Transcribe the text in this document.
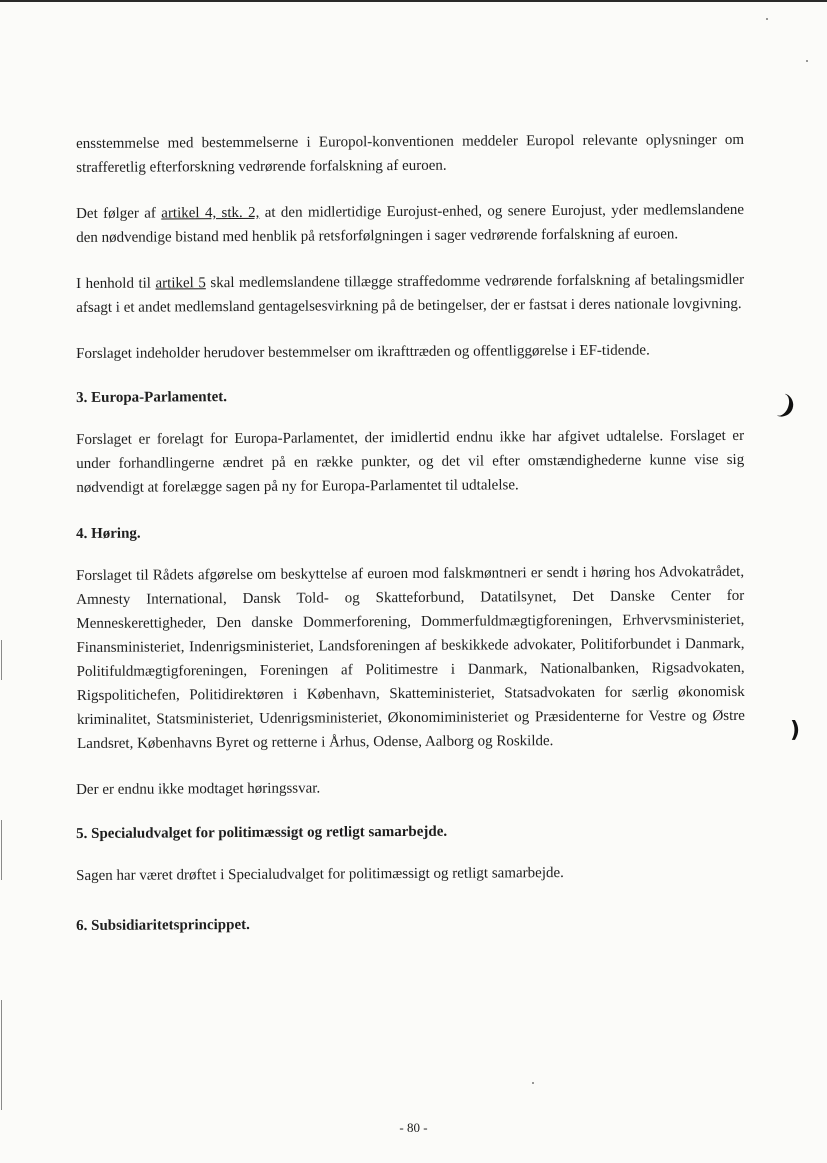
❩
)

ensstemmelse med bestemmelserne i Europol-konventionen meddeler Europol relevante oplysninger om strafferetlig efterforskning vedrørende forfalskning af euroen.

Det følger af artikel 4, stk. 2, at den midlertidige Eurojust-enhed, og senere Eurojust, yder medlemslandene den nødvendige bistand med henblik på retsforfølgningen i sager vedrørende forfalskning af euroen.

I henhold til artikel 5 skal medlemslandene tillægge straffedomme vedrørende forfalskning af betalingsmidler afsagt i et andet medlemsland gentagelsesvirkning på de betingelser, der er fastsat i deres nationale lovgivning.

Forslaget indeholder herudover bestemmelser om ikrafttræden og offentliggørelse i EF-tidende.

3. Europa-Parlamentet.

Forslaget er forelagt for Europa-Parlamentet, der imidlertid endnu ikke har afgivet udtalelse. Forslaget er under forhandlingerne ændret på en række punkter, og det vil efter omstændighederne kunne vise sig nødvendigt at forelægge sagen på ny for Europa-Parlamentet til udtalelse.

4. Høring.

Forslaget til Rådets afgørelse om beskyttelse af euroen mod falskmøntneri er sendt i høring hos Advokatrådet, Amnesty International, Dansk Told- og Skatteforbund, Datatilsynet, Det Danske Center for Menneskerettigheder, Den danske Dommerforening, Dommerfuldmægtigforeningen, Erhvervsministeriet, Finansministeriet, Indenrigsministeriet, Landsforeningen af beskikkede advokater, Politiforbundet i Danmark, Politifuldmægtigforeningen, Foreningen af Politimestre i Danmark, Nationalbanken, Rigsadvokaten, Rigspolitichefen, Politidirektøren i København, Skatteministeriet, Statsadvokaten for særlig økonomisk kriminalitet, Statsministeriet, Udenrigsministeriet, Økonomiministeriet og Præsidenterne for Vestre og Østre Landsret, Københavns Byret og retterne i Århus, Odense, Aalborg og Roskilde.

Der er endnu ikke modtaget høringssvar.

5. Specialudvalget for politimæssigt og retligt samarbejde.

Sagen har været drøftet i Specialudvalget for politimæssigt og retligt samarbejde.

6. Subsidiaritetsprincippet.

- 80 -
